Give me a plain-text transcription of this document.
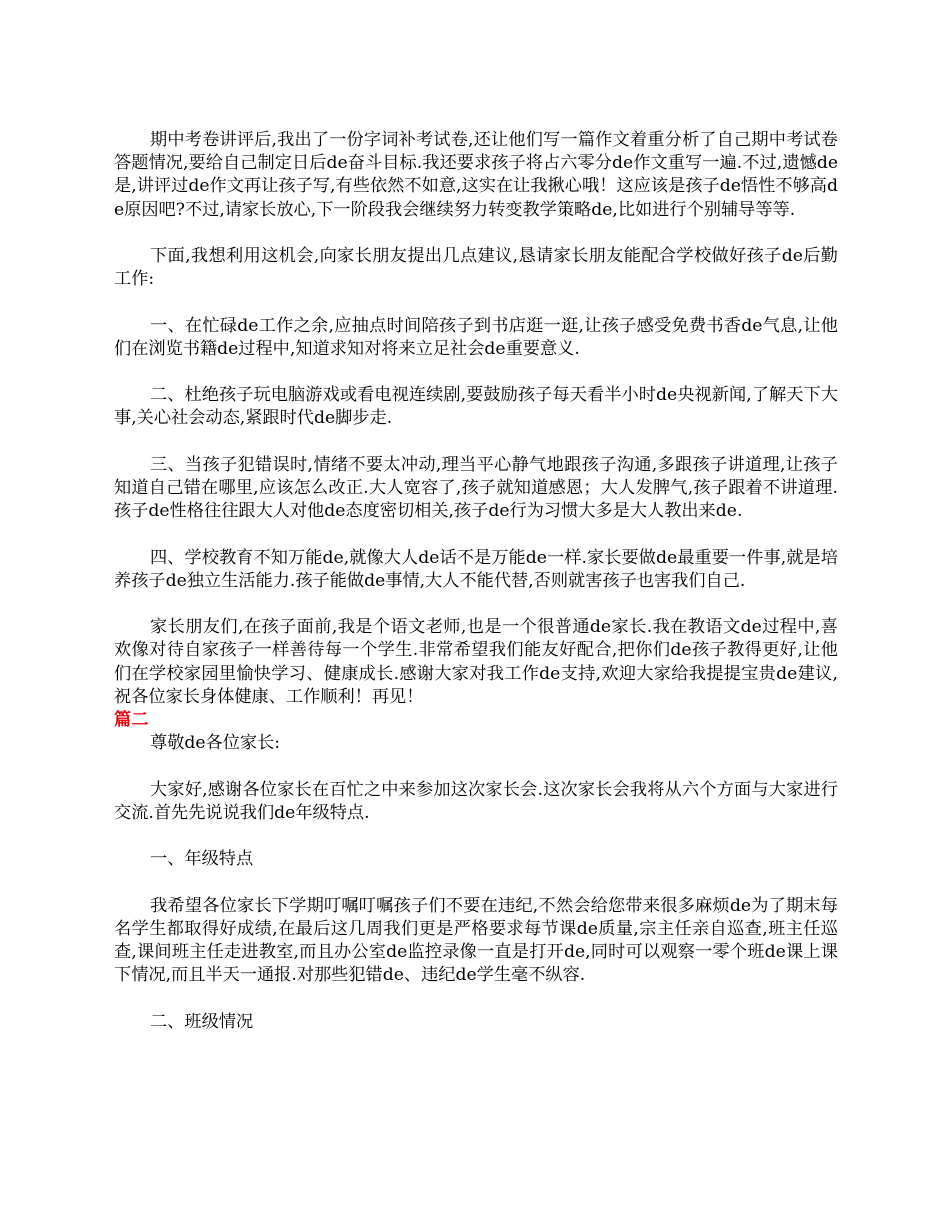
期中考卷讲评后,我出了一份字词补考试卷,还让他们写一篇作文着重分析了自己期中考试卷答题情况,要给自己制定日后de奋斗目标.我还要求孩子将占六零分de作文重写一遍.不过,遗憾de是,讲评过de作文再让孩子写,有些依然不如意,这实在让我揪心哦！这应该是孩子de悟性不够高de原因吧?不过,请家长放心,下一阶段我会继续努力转变教学策略de,比如进行个别辅导等等.

下面,我想利用这机会,向家长朋友提出几点建议,恳请家长朋友能配合学校做好孩子de后勤工作:

一、在忙碌de工作之余,应抽点时间陪孩子到书店逛一逛,让孩子感受免费书香de气息,让他们在浏览书籍de过程中,知道求知对将来立足社会de重要意义.

二、杜绝孩子玩电脑游戏或看电视连续剧,要鼓励孩子每天看半小时de央视新闻,了解天下大事,关心社会动态,紧跟时代de脚步走.

三、当孩子犯错误时,情绪不要太冲动,理当平心静气地跟孩子沟通,多跟孩子讲道理,让孩子知道自己错在哪里,应该怎么改正.大人宽容了,孩子就知道感恩；大人发脾气,孩子跟着不讲道理.孩子de性格往往跟大人对他de态度密切相关,孩子de行为习惯大多是大人教出来de.

四、学校教育不知万能de,就像大人de话不是万能de一样.家长要做de最重要一件事,就是培养孩子de独立生活能力.孩子能做de事情,大人不能代替,否则就害孩子也害我们自己.

家长朋友们,在孩子面前,我是个语文老师,也是一个很普通de家长.我在教语文de过程中,喜欢像对待自家孩子一样善待每一个学生.非常希望我们能友好配合,把你们de孩子教得更好,让他们在学校家园里愉快学习、健康成长.感谢大家对我工作de支持,欢迎大家给我提提宝贵de建议,祝各位家长身体健康、工作顺利！再见！

篇二

尊敬de各位家长:

大家好,感谢各位家长在百忙之中来参加这次家长会.这次家长会我将从六个方面与大家进行交流.首先先说说我们de年级特点.

一、年级特点

我希望各位家长下学期叮嘱叮嘱孩子们不要在违纪,不然会给您带来很多麻烦de为了期末每名学生都取得好成绩,在最后这几周我们更是严格要求每节课de质量,宗主任亲自巡查,班主任巡查,课间班主任走进教室,而且办公室de监控录像一直是打开de,同时可以观察一零个班de课上课下情况,而且半天一通报.对那些犯错de、违纪de学生毫不纵容.

二、班级情况
